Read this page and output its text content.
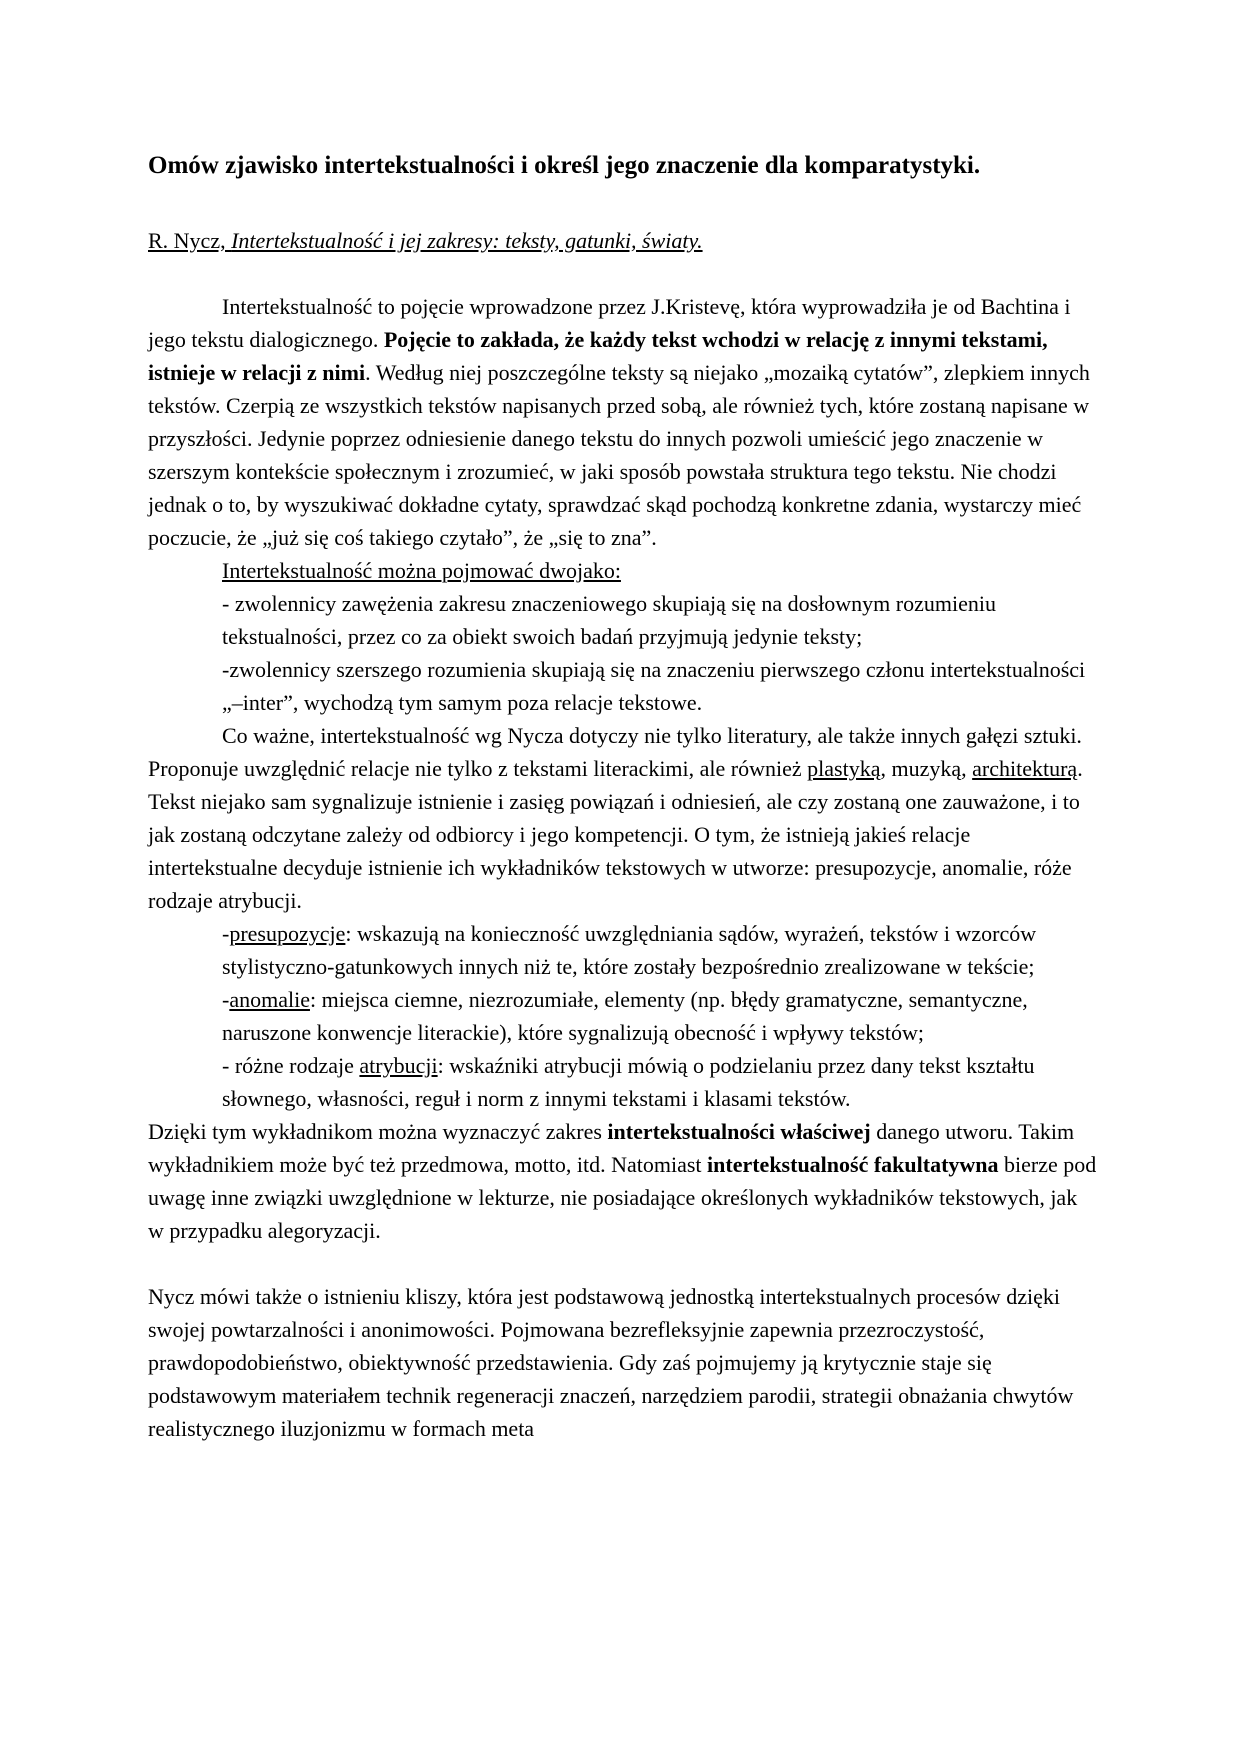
Omów zjawisko intertekstualności i określ jego znaczenie dla komparatystyki.
R. Nycz, Intertekstualność i jej zakresy: teksty, gatunki, światy.

Intertekstualność to pojęcie wprowadzone przez J.Kristevę, która wyprowadziła je od Bachtina i jego tekstu dialogicznego. Pojęcie to zakłada, że każdy tekst wchodzi w relację z innymi tekstami, istnieje w relacji z nimi. Według niej poszczególne teksty są niejako „mozaiką cytatów”, zlepkiem innych tekstów. Czerpią ze wszystkich tekstów napisanych przed sobą, ale również tych, które zostaną napisane w przyszłości. Jedynie poprzez odniesienie danego tekstu do innych pozwoli umieścić jego znaczenie w szerszym kontekście społecznym i zrozumieć, w jaki sposób powstała struktura tego tekstu. Nie chodzi jednak o to, by wyszukiwać dokładne cytaty, sprawdzać skąd pochodzą konkretne zdania, wystarczy mieć poczucie, że „już się coś takiego czytało”, że „się to zna”.

Intertekstualność można pojmować dwojako:

- zwolennicy zawężenia zakresu znaczeniowego skupiają się na dosłownym rozumieniu tekstualności, przez co za obiekt swoich badań przyjmują jedynie teksty;

-zwolennicy szerszego rozumienia skupiają się na znaczeniu pierwszego członu intertekstualności „–inter”, wychodzą tym samym poza relacje tekstowe.

Co ważne, intertekstualność wg Nycza dotyczy nie tylko literatury, ale także innych gałęzi sztuki. Proponuje uwzględnić relacje nie tylko z tekstami literackimi, ale również plastyką, muzyką, architekturą. Tekst niejako sam sygnalizuje istnienie i zasięg powiązań i odniesień, ale czy zostaną one zauważone, i to jak zostaną odczytane zależy od odbiorcy i jego kompetencji. O tym, że istnieją jakieś relacje intertekstualne decyduje istnienie ich wykładników tekstowych w utworze: presupozycje, anomalie, róże rodzaje atrybucji.

-presupozycje: wskazują na konieczność uwzględniania sądów, wyrażeń, tekstów i wzorców stylistyczno-gatunkowych innych niż te, które zostały bezpośrednio zrealizowane w tekście;

-anomalie: miejsca ciemne, niezrozumiałe, elementy (np. błędy gramatyczne, semantyczne, naruszone konwencje literackie), które sygnalizują obecność i wpływy tekstów;

- różne rodzaje atrybucji: wskaźniki atrybucji mówią o podzielaniu przez dany tekst kształtu słownego, własności, reguł i norm z innymi tekstami i klasami tekstów.

Dzięki tym wykładnikom można wyznaczyć zakres intertekstualności właściwej danego utworu. Takim wykładnikiem może być też przedmowa, motto, itd. Natomiast intertekstualność fakultatywna bierze pod uwagę inne związki uwzględnione w lekturze, nie posiadające określonych wykładników tekstowych, jak w przypadku alegoryzacji.

Nycz mówi także o istnieniu kliszy, która jest podstawową jednostką intertekstualnych procesów dzięki swojej powtarzalności i anonimowości. Pojmowana bezrefleksyjnie zapewnia przezroczystość, prawdopodobieństwo, obiektywność przedstawienia. Gdy zaś pojmujemy ją krytycznie staje się podstawowym materiałem technik regeneracji znaczeń, narzędziem parodii, strategii obnażania chwytów realistycznego iluzjonizmu w formach meta
